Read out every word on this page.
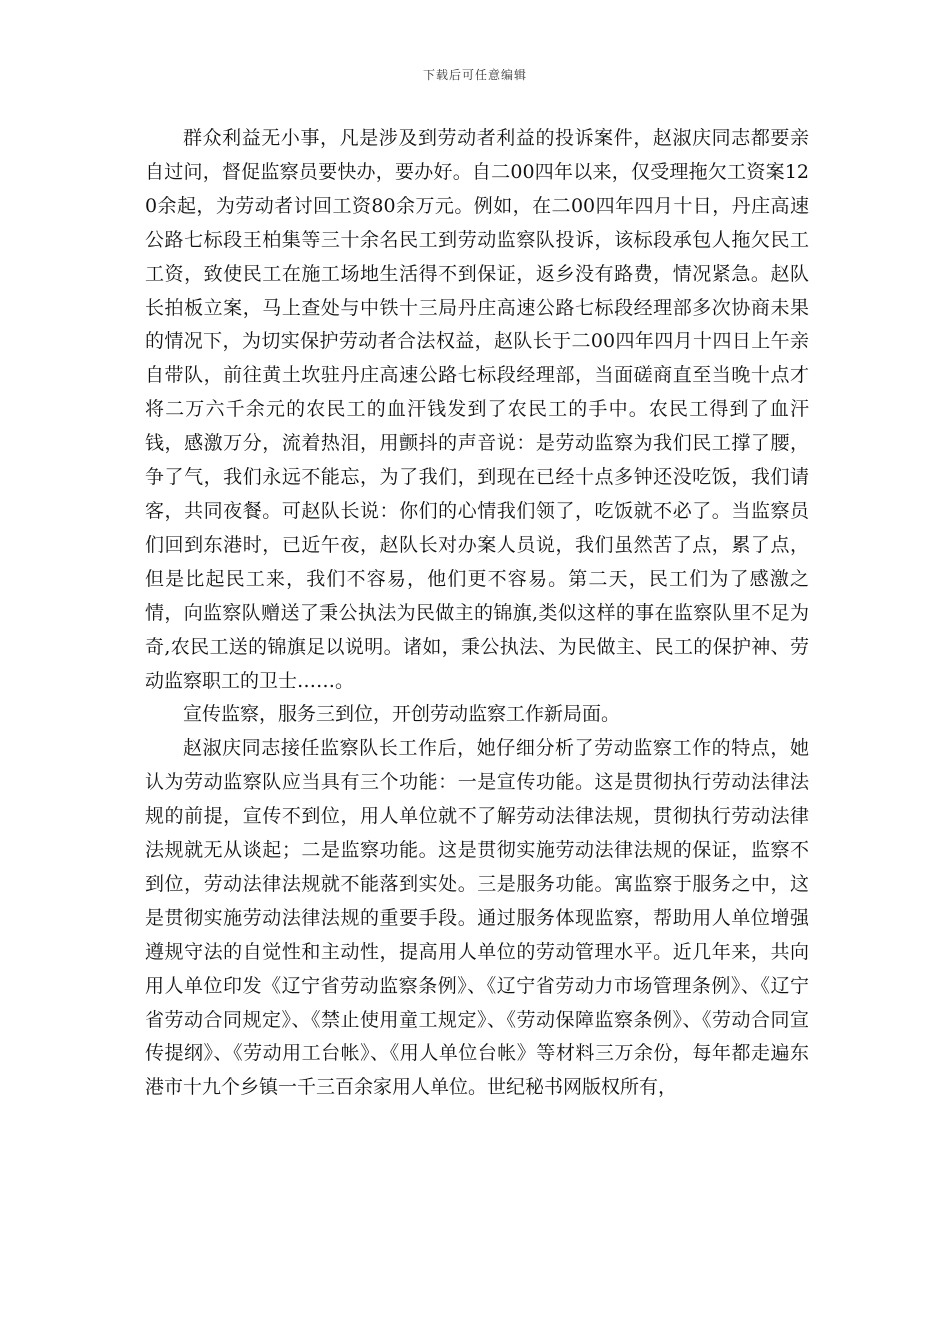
下载后可任意编辑

群众利益无小事，凡是涉及到劳动者利益的投诉案件，赵淑庆同志都要亲自过问，督促监察员要快办，要办好。自二00四年以来，仅受理拖欠工资案120余起，为劳动者讨回工资80余万元。例如，在二00四年四月十日，丹庄高速公路七标段王柏集等三十余名民工到劳动监察队投诉，该标段承包人拖欠民工工资，致使民工在施工场地生活得不到保证，返乡没有路费，情况紧急。赵队长拍板立案，马上查处与中铁十三局丹庄高速公路七标段经理部多次协商未果的情况下，为切实保护劳动者合法权益，赵队长于二00四年四月十四日上午亲自带队，前往黄土坎驻丹庄高速公路七标段经理部，当面磋商直至当晚十点才将二万六千余元的农民工的血汗钱发到了农民工的手中。农民工得到了血汗钱，感激万分，流着热泪，用颤抖的声音说：是劳动监察为我们民工撑了腰，争了气，我们永远不能忘，为了我们，到现在已经十点多钟还没吃饭，我们请客，共同夜餐。可赵队长说：你们的心情我们领了，吃饭就不必了。当监察员们回到东港时，已近午夜，赵队长对办案人员说，我们虽然苦了点，累了点，但是比起民工来，我们不容易，他们更不容易。第二天，民工们为了感激之情，向监察队赠送了秉公执法为民做主的锦旗,类似这样的事在监察队里不足为奇,农民工送的锦旗足以说明。诸如，秉公执法、为民做主、民工的保护神、劳动监察职工的卫士……。

宣传监察，服务三到位，开创劳动监察工作新局面。

赵淑庆同志接任监察队长工作后，她仔细分析了劳动监察工作的特点，她认为劳动监察队应当具有三个功能：一是宣传功能。这是贯彻执行劳动法律法规的前提，宣传不到位，用人单位就不了解劳动法律法规，贯彻执行劳动法律法规就无从谈起；二是监察功能。这是贯彻实施劳动法律法规的保证，监察不到位，劳动法律法规就不能落到实处。三是服务功能。寓监察于服务之中，这是贯彻实施劳动法律法规的重要手段。通过服务体现监察，帮助用人单位增强遵规守法的自觉性和主动性，提高用人单位的劳动管理水平。近几年来，共向用人单位印发《辽宁省劳动监察条例》、《辽宁省劳动力市场管理条例》、《辽宁省劳动合同规定》、《禁止使用童工规定》、《劳动保障监察条例》、《劳动合同宣传提纲》、《劳动用工台帐》、《用人单位台帐》等材料三万余份，每年都走遍东港市十九个乡镇一千三百余家用人单位。世纪秘书网版权所有，
